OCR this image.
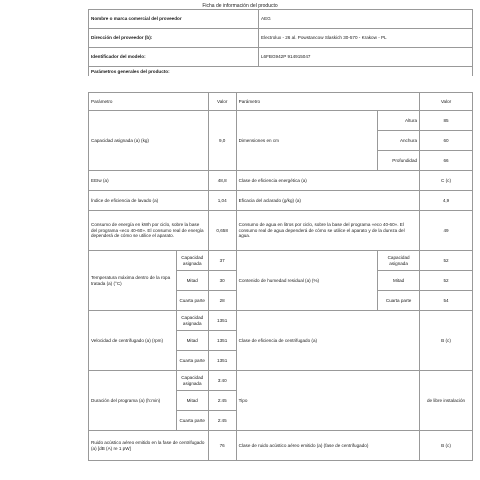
Ficha de información del producto
Nombre o marca comercial del proveedor	AEG
Dirección del proveedor (b):	Electrolux - 26 al. Powstancow Slaskich 30-570 - Krakow - PL
Identificador del modelo:	L6FBG942P 914915047
Parámetros generales del producto:	
Parámetro		Valor	Parámetro		Valor
Capacidad asignada (a) (kg)		9,0	Dimensiones en cm	Altura	85
				Anchura	60
				Profundidad	66
EEIw (a)		48,8	Clase de eficiencia energética (a)		C (c)
Índice de eficiencia de lavado (a)		1,04	Eficacia del aclarado (g/kg) (a)		4,9
Consumo de energía en kWh por ciclo, sobre la base del programa «eco 40-60». El consumo real de energía dependerá de cómo se utilice el aparato.		0,658	Consumo de agua en litros por ciclo, sobre la base del programa «eco 40-60». El consumo real de agua dependerá de cómo se utilice el aparato y de la dureza del agua.		49
Temperatura máxima dentro de la ropa tratada (a) (°C)	Capacidad asignada	37	Contenido de humedad residual (a) (%)	Capacidad asignada	52
	Mitad	30		Mitad	52
	Cuarta parte	28		Cuarta parte	54
Velocidad de centrifugado (a) (rpm)	Capacidad asignada	1351	Clase de eficiencia de centrifugado (a)		B (c)
	Mitad	1351			
	Cuarta parte	1351			
Duración del programa (a) (h:min)	Capacidad asignada	3:40	Tipo		de libre instalación
	Mitad	2:45			
	Cuarta parte	2:45			
Ruido acústico aéreo emitido en la fase de centrifugado (a) [dB (A) re 1 pW]		76	Clase de ruido acústico aéreo emitido (a) (fase de centrifugado)		B (c)
